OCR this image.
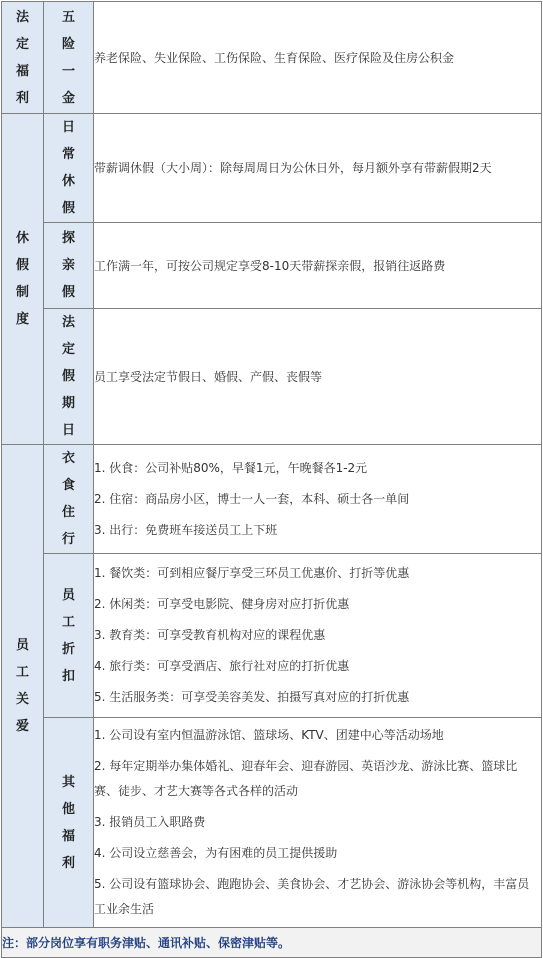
法定福利	五险一金	养老保险、失业保险、工伤保险、生育保险、医疗保险及住房公积金
休假制度	日常休假	带薪调休假（大小周）：除每周周日为公休日外，每月额外享有带薪假期2天
	探亲假	工作满一年，可按公司规定享受8-10天带薪探亲假，报销往返路费
	法定假期日	员工享受法定节假日、婚假、产假、丧假等
员工关爱	衣食住行	1. 伙食：公司补贴80%，早餐1元，午晚餐各1-2元
2. 住宿：商品房小区，博士一人一套，本科、硕士各一单间
3. 出行：免费班车接送员工上下班

	员工折扣	1. 餐饮类：可到相应餐厅享受三环员工优惠价、打折等优惠
2. 休闲类：可享受电影院、健身房对应打折优惠
3. 教育类：可享受教育机构对应的课程优惠
4. 旅行类：可享受酒店、旅行社对应的打折优惠
5. 生活服务类：可享受美容美发、拍摄写真对应的打折优惠

	其他福利	1. 公司设有室内恒温游泳馆、篮球场、KTV、团建中心等活动场地
2. 每年定期举办集体婚礼、迎春年会、迎春游园、英语沙龙、游泳比赛、篮球比赛、徒步、才艺大赛等各式各样的活动
3. 报销员工入职路费
4. 公司设立慈善会，为有困难的员工提供援助
5. 公司设有篮球协会、跑跑协会、美食协会、才艺协会、游泳协会等机构，丰富员工业余生活

注：部分岗位享有职务津贴、通讯补贴、保密津贴等。		
